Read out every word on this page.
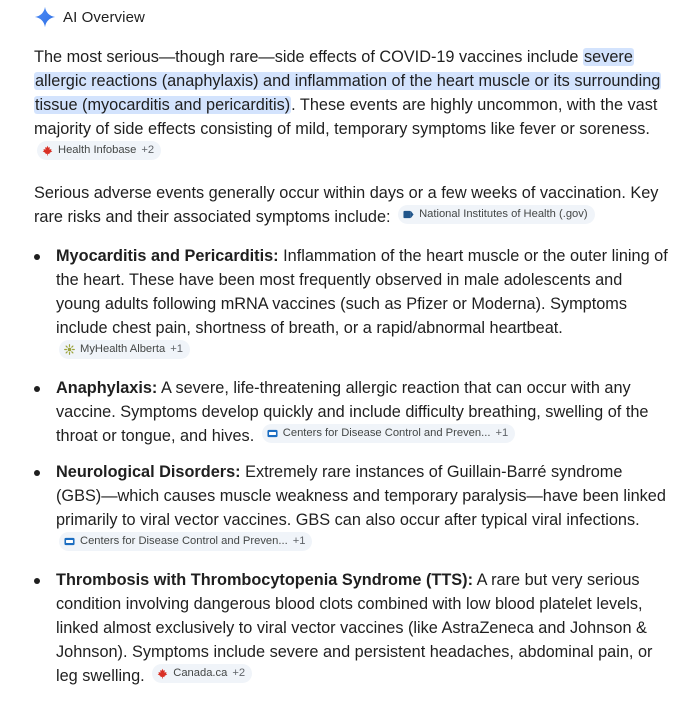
AI Overview

The most serious—though rare—side effects of COVID-19 vaccines include severe allergic reactions (anaphylaxis) and inflammation of the heart muscle or its surrounding tissue (myocarditis and pericarditis). These events are highly uncommon, with the vast majority of side effects consisting of mild, temporary symptoms like fever or soreness.
Health Infobase +2

Serious adverse events generally occur within days or a few weeks of vaccination. Key rare risks and their associated symptoms include:	National Institutes of Health (.gov)

Myocarditis and Pericarditis: Inflammation of the heart muscle or the outer lining of the heart. These have been most frequently observed in male adolescents and young adults following mRNA vaccines (such as Pfizer or Moderna). Symptoms include chest pain, shortness of breath, or a rapid/abnormal heartbeat.
MyHealth Alberta +1

Anaphylaxis: A severe, life-threatening allergic reaction that can occur with any vaccine. Symptoms develop quickly and include difficulty breathing, swelling of the throat or tongue, and hives.	Centers for Disease Control and Preven... +1

Neurological Disorders: Extremely rare instances of Guillain-Barré syndrome (GBS)—which causes muscle weakness and temporary paralysis—have been linked primarily to viral vector vaccines. GBS can also occur after typical viral infections.
Centers for Disease Control and Preven... +1

Thrombosis with Thrombocytopenia Syndrome (TTS): A rare but very serious condition involving dangerous blood clots combined with low blood platelet levels, linked almost exclusively to viral vector vaccines (like AstraZeneca and Johnson & Johnson). Symptoms include severe and persistent headaches, abdominal pain, or leg swelling.	Canada.ca +2
